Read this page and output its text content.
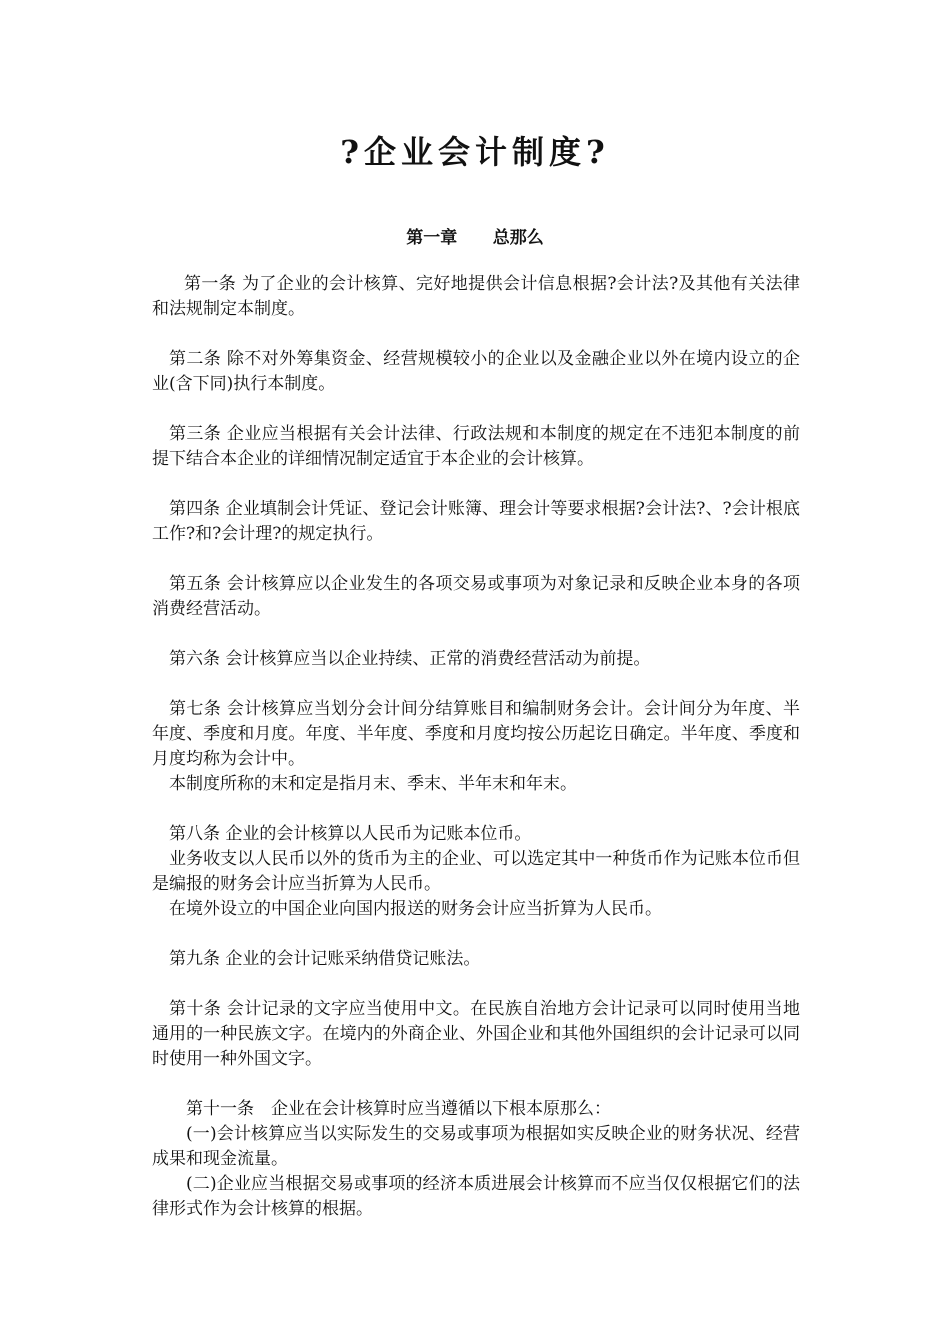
?企业会计制度?
第一章      总那么

第一条 为了企业的会计核算、完好地提供会计信息根据?会计法?及其他有关法律和法规制定本制度。

第二条 除不对外筹集资金、经营规模较小的企业以及金融企业以外在境内设立的企业(含下同)执行本制度。

第三条 企业应当根据有关会计法律、行政法规和本制度的规定在不违犯本制度的前提下结合本企业的详细情况制定适宜于本企业的会计核算。

第四条 企业填制会计凭证、登记会计账簿、理会计等要求根据?会计法?、?会计根底工作?和?会计理?的规定执行。

第五条 会计核算应以企业发生的各项交易或事项为对象记录和反映企业本身的各项消费经营活动。

第六条 会计核算应当以企业持续、正常的消费经营活动为前提。

第七条 会计核算应当划分会计间分结算账目和编制财务会计。会计间分为年度、半年度、季度和月度。年度、半年度、季度和月度均按公历起讫日确定。半年度、季度和月度均称为会计中。

本制度所称的末和定是指月末、季末、半年末和年末。

第八条 企业的会计核算以人民币为记账本位币。

业务收支以人民币以外的货币为主的企业、可以选定其中一种货币作为记账本位币但是编报的财务会计应当折算为人民币。

在境外设立的中国企业向国内报送的财务会计应当折算为人民币。

第九条 企业的会计记账采纳借贷记账法。

第十条 会计记录的文字应当使用中文。在民族自治地方会计记录可以同时使用当地通用的一种民族文字。在境内的外商企业、外国企业和其他外国组织的会计记录可以同时使用一种外国文字。

第十一条　企业在会计核算时应当遵循以下根本原那么：

(一)会计核算应当以实际发生的交易或事项为根据如实反映企业的财务状况、经营成果和现金流量。

(二)企业应当根据交易或事项的经济本质进展会计核算而不应当仅仅根据它们的法律形式作为会计核算的根据。
